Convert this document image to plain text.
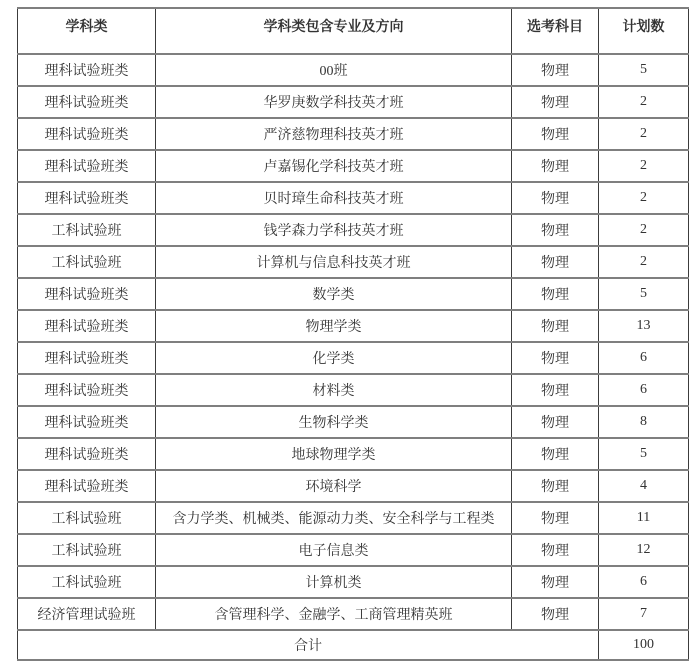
学科类	学科类包含专业及方向	选考科目	计划数
理科试验班类	00班	物理	5
理科试验班类	华罗庚数学科技英才班	物理	2
理科试验班类	严济慈物理科技英才班	物理	2
理科试验班类	卢嘉锡化学科技英才班	物理	2
理科试验班类	贝时璋生命科技英才班	物理	2
工科试验班	钱学森力学科技英才班	物理	2
工科试验班	计算机与信息科技英才班	物理	2
理科试验班类	数学类	物理	5
理科试验班类	物理学类	物理	13
理科试验班类	化学类	物理	6
理科试验班类	材料类	物理	6
理科试验班类	生物科学类	物理	8
理科试验班类	地球物理学类	物理	5
理科试验班类	环境科学	物理	4
工科试验班	含力学类、机械类、能源动力类、安全科学与工程类	物理	11
工科试验班	电子信息类	物理	12
工科试验班	计算机类	物理	6
经济管理试验班	含管理科学、金融学、工商管理精英班	物理	7
合计			100
